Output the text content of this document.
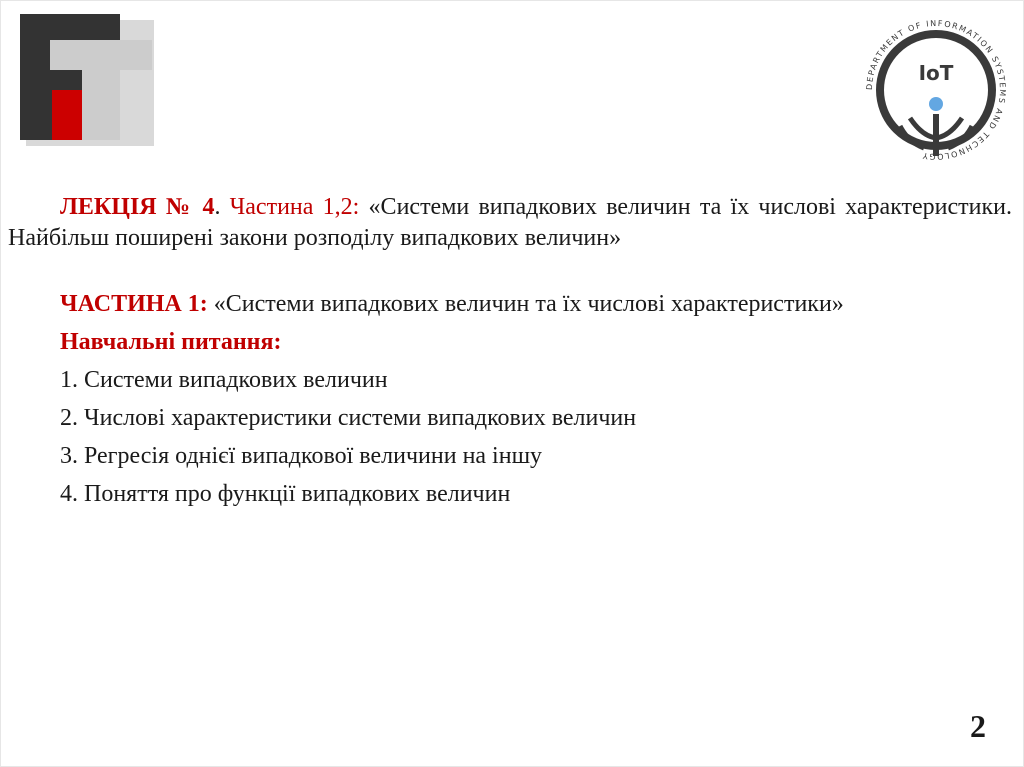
DEPARTMENT OF INFORMATION SYSTEMS AND TECHNOLOGY
IoT

ЛЕКЦІЯ № 4. Частина 1,2: «Системи випадкових величин та їх числові характеристики. Найбільш поширені закони розподілу випадкових величин»

ЧАСТИНА 1: «Системи випадкових величин та їх числові характеристики»
Навчальні питання:
1. Системи випадкових величин
2. Числові характеристики системи випадкових величин
3. Регресія однієї випадкової величини на іншу
4. Поняття про функції випадкових величин
2
